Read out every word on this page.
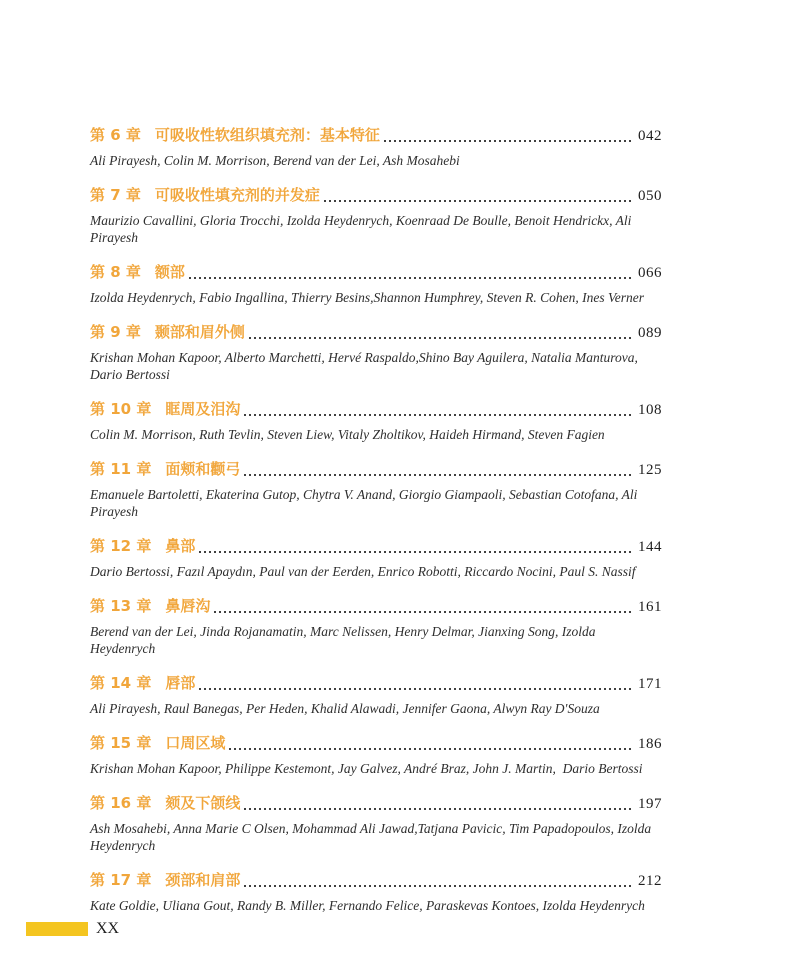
第 6 章 可吸收性软组织填充剂：基本特征	042
Ali Pirayesh, Colin M. Morrison, Berend van der Lei, Ash Mosahebi
第 7 章 可吸收性填充剂的并发症	050
Maurizio Cavallini, Gloria Trocchi, Izolda Heydenrych, Koenraad De Boulle, Benoit Hendrickx, Ali Pirayesh
第 8 章 额部	066
Izolda Heydenrych, Fabio Ingallina, Thierry Besins,Shannon Humphrey, Steven R. Cohen, Ines Verner
第 9 章 颞部和眉外侧	089
Krishan Mohan Kapoor, Alberto Marchetti, Hervé Raspaldo,Shino Bay Aguilera, Natalia Manturova, Dario Bertossi
第 10 章 眶周及泪沟	108
Colin M. Morrison, Ruth Tevlin, Steven Liew, Vitaly Zholtikov, Haideh Hirmand, Steven Fagien
第 11 章 面颊和颧弓	125
Emanuele Bartoletti, Ekaterina Gutop, Chytra V. Anand, Giorgio Giampaoli, Sebastian Cotofana, Ali Pirayesh
第 12 章 鼻部	144
Dario Bertossi, Fazıl Apaydın, Paul van der Eerden, Enrico Robotti, Riccardo Nocini, Paul S. Nassif
第 13 章 鼻唇沟	161
Berend van der Lei, Jinda Rojanamatin, Marc Nelissen, Henry Delmar, Jianxing Song, Izolda Heydenrych
第 14 章 唇部	171
Ali Pirayesh, Raul Banegas, Per Heden, Khalid Alawadi, Jennifer Gaona, Alwyn Ray D'Souza
第 15 章 口周区域	186
Krishan Mohan Kapoor, Philippe Kestemont, Jay Galvez, André Braz, John J. Martin,  Dario Bertossi
第 16 章 颏及下颌线	197
Ash Mosahebi, Anna Marie C Olsen, Mohammad Ali Jawad,Tatjana Pavicic, Tim Papadopoulos, Izolda Heydenrych
第 17 章 颈部和肩部	212
Kate Goldie, Uliana Gout, Randy B. Miller, Fernando Felice, Paraskevas Kontoes, Izolda Heydenrych
XX
